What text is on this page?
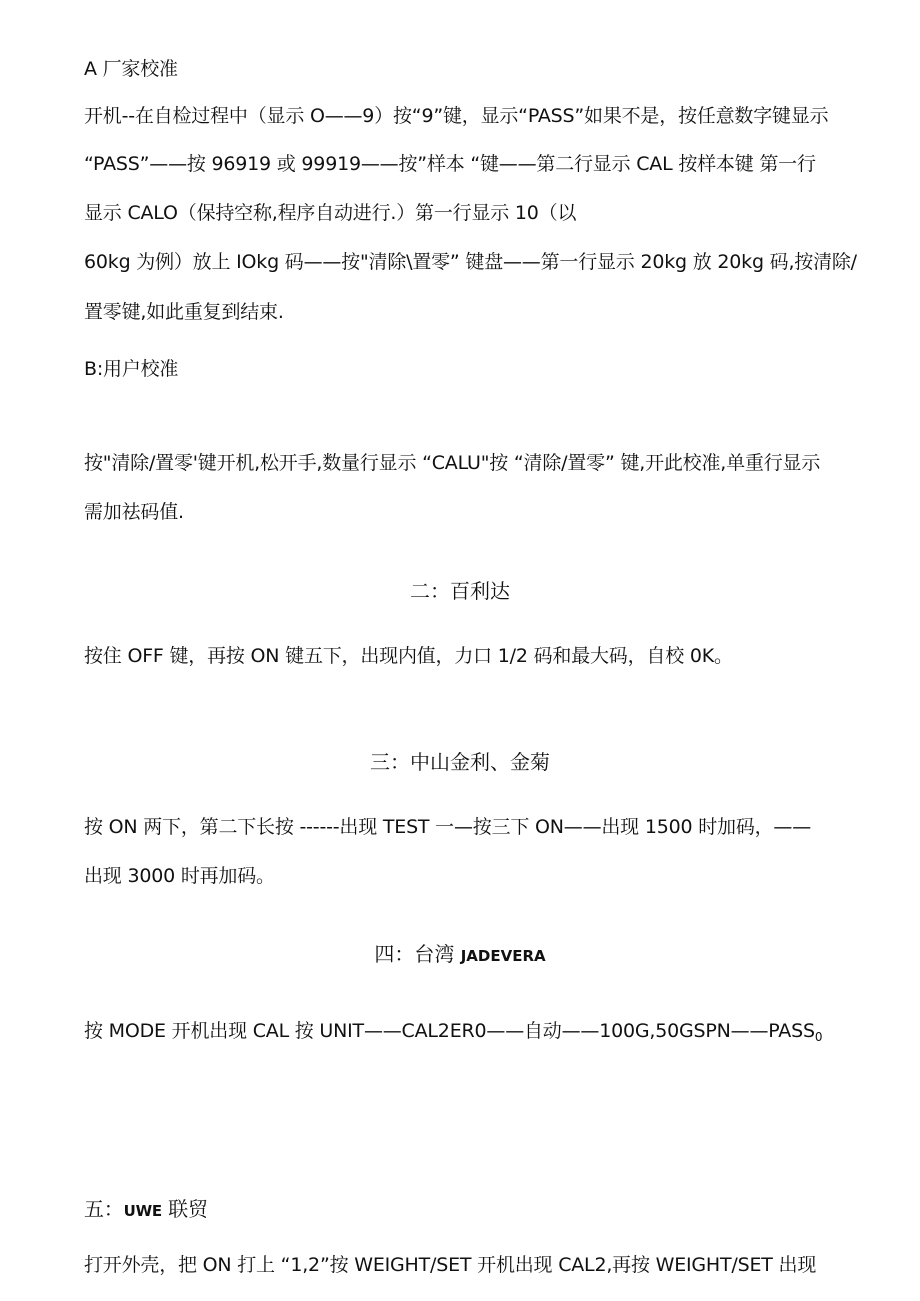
A 厂家校准
开机--在自检过程中（显示 O——9）按“9”键，显示“PASS”如果不是，按任意数字键显示
“PASS”——按 96919 或 99919——按”样本 “键——第二行显示 CAL 按样本键 第一行
显示 CALO（保持空称,程序自动进行.）第一行显示 10（以
60kg 为例）放上 IOkg 码——按"清除\置零” 键盘——第一行显示 20kg 放 20kg 码,按清除/
置零键,如此重复到结束.
B:用户校准
按"清除/置零'键开机,松开手,数量行显示 “CALU"按 “清除/置零” 键,开此校准,单重行显示
需加祛码值.
二：百利达
按住 OFF 键，再按 ON 键五下，出现内值，力口 1/2 码和最大码，自校 0K。
三：中山金利、金菊
按 ON 两下，第二下长按 ------出现 TEST 一—按三下 ON——出现 1500 时加码，——
出现 3000 时再加码。
四：台湾 JADEVERA
按 MODE 开机出现 CAL 按 UNIT——CAL2ER0——自动$——100G,50GSPN——PASS_0$
五：UWE 联贸
打开外壳，把 ON 打上 “1,2”按 WEIGHT/SET 开机出现 CAL2,再按 WEIGHT/SET 出现
